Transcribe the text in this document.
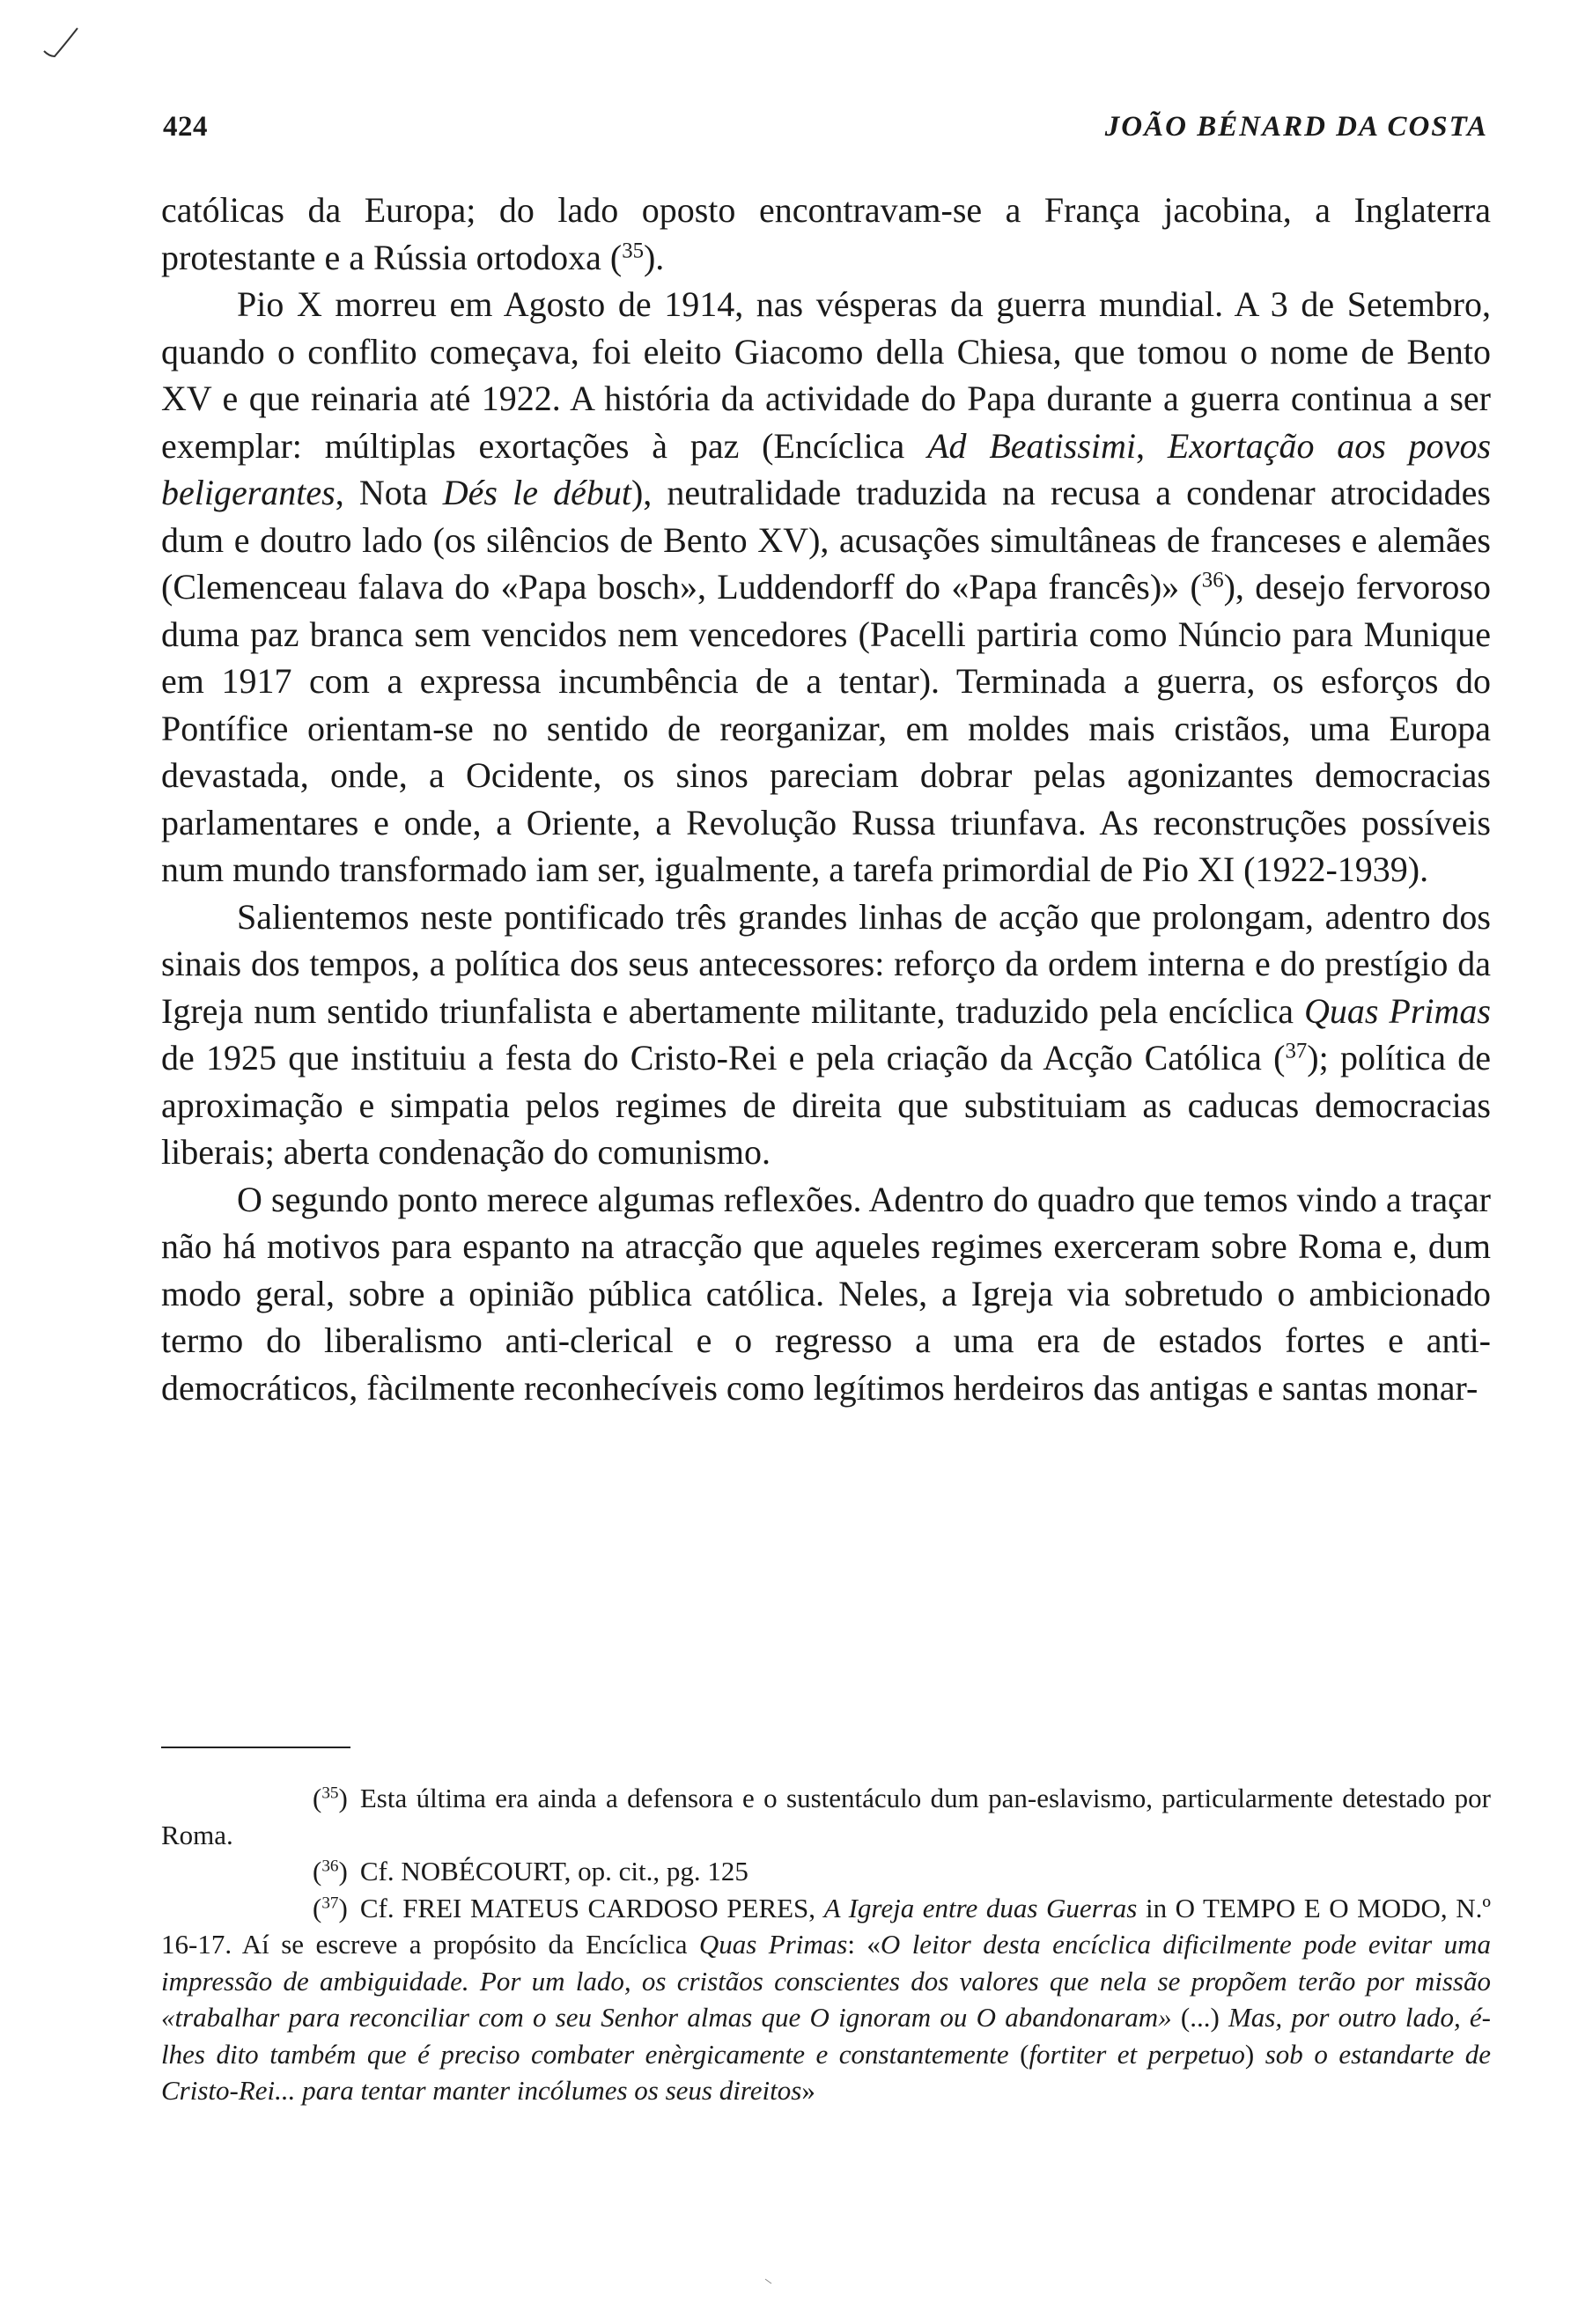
424	JOÃO BÉNARD DA COSTA

católicas da Europa; do lado oposto encontravam-se a França jacobina, a Inglaterra protestante e a Rússia ortodoxa ($^{35}$).

Pio X morreu em Agosto de 1914, nas vésperas da guerra mundial. A 3 de Setembro, quando o conflito começava, foi eleito Giacomo della Chiesa, que tomou o nome de Bento XV e que reinaria até 1922. A história da actividade do Papa durante a guerra continua a ser exemplar: múltiplas exortações à paz (Encíclica Ad Beatissimi, Exortação aos povos beligerantes, Nota Dés le début), neutralidade traduzida na recusa a condenar atrocidades dum e doutro lado (os silêncios de Bento XV), acusações simultâneas de franceses e alemães (Clemenceau falava do «Papa bosch», Luddendorff do «Papa francês)» ($^{36}$), desejo fervoroso duma paz branca sem vencidos nem vencedores (Pacelli partiria como Núncio para Munique em 1917 com a expressa incumbência de a tentar). Terminada a guerra, os esforços do Pontífice orientam-se no sentido de reorganizar, em moldes mais cristãos, uma Europa devastada, onde, a Ocidente, os sinos pareciam dobrar pelas agonizantes democracias parlamentares e onde, a Oriente, a Revolução Russa triunfava. As reconstruções possíveis num mundo transformado iam ser, igualmente, a tarefa primordial de Pio XI (1922-1939).

Salientemos neste pontificado três grandes linhas de acção que prolongam, adentro dos sinais dos tempos, a política dos seus antecessores: reforço da ordem interna e do prestígio da Igreja num sentido triunfalista e abertamente militante, traduzido pela encíclica Quas Primas de 1925 que instituiu a festa do Cristo-Rei e pela criação da Acção Católica ($^{37}$); política de aproximação e simpatia pelos regimes de direita que substituiam as caducas democracias liberais; aberta condenação do comunismo.

O segundo ponto merece algumas reflexões. Adentro do quadro que temos vindo a traçar não há motivos para espanto na atracção que aqueles regimes exerceram sobre Roma e, dum modo geral, sobre a opinião pública católica. Neles, a Igreja via sobretudo o ambicionado termo do liberalismo anti-clerical e o regresso a uma era de estados fortes e anti-democráticos, fàcilmente reconhecíveis como legítimos herdeiros das antigas e santas monar-

($^{35}$) Esta última era ainda a defensora e o sustentáculo dum pan-eslavismo, particularmente detestado por Roma.

($^{36}$) Cf. NOBÉCOURT, op. cit., pg. 125

($^{37}$) Cf. FREI MATEUS CARDOSO PERES, A Igreja entre duas Guerras in O TEMPO E O MODO, N.º 16-17. Aí se escreve a propósito da Encíclica Quas Primas: «O leitor desta encíclica dificilmente pode evitar uma impressão de ambiguidade. Por um lado, os cristãos conscientes dos valores que nela se propõem terão por missão «trabalhar para reconciliar com o seu Senhor almas que O ignoram ou O abandonaram» (...) Mas, por outro lado, é-lhes dito também que é preciso combater enèrgicamente e constantemente (fortiter et perpetuo) sob o estandarte de Cristo-Rei... para tentar manter incólumes os seus direitos»
